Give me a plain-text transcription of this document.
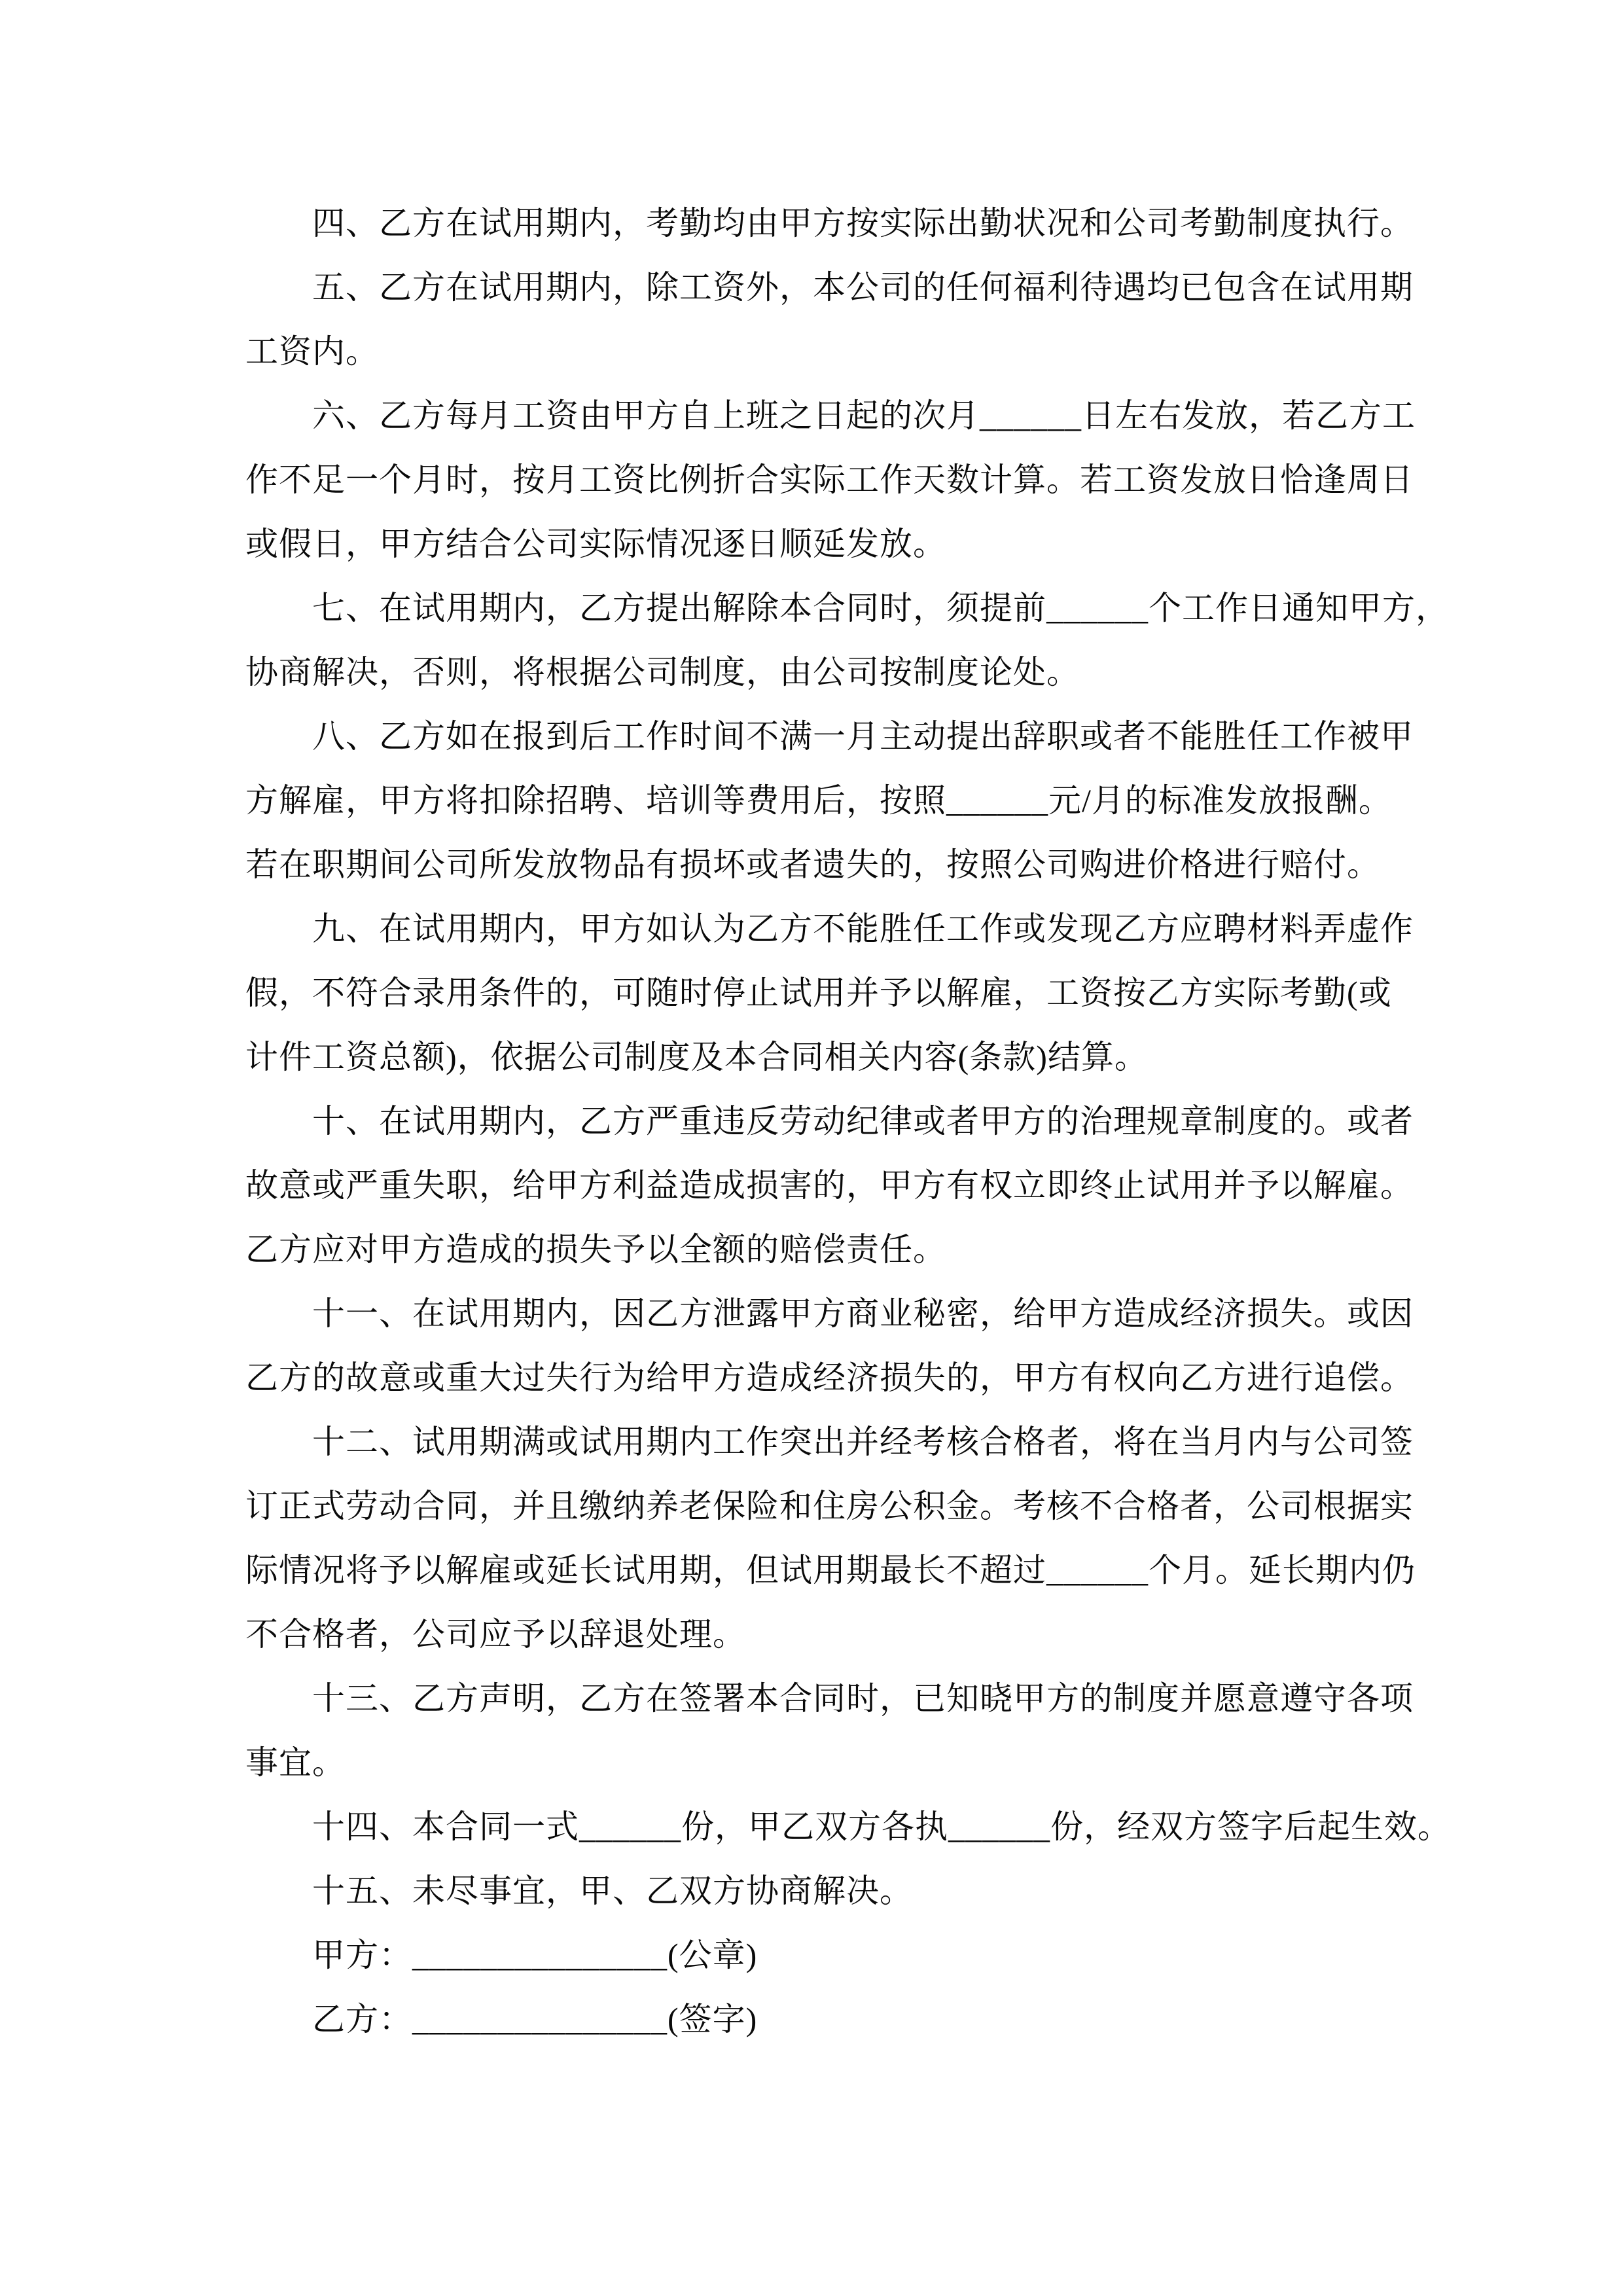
四、乙方在试用期内，考勤均由甲方按实际出勤状况和公司考勤制度执行。
五、乙方在试用期内，除工资外，本公司的任何福利待遇均已包含在试用期
工资内。
六、乙方每月工资由甲方自上班之日起的次月______日左右发放，若乙方工
作不足一个月时，按月工资比例折合实际工作天数计算。若工资发放日恰逢周日
或假日，甲方结合公司实际情况逐日顺延发放。
七、在试用期内，乙方提出解除本合同时，须提前______个工作日通知甲方，
协商解决，否则，将根据公司制度，由公司按制度论处。
八、乙方如在报到后工作时间不满一月主动提出辞职或者不能胜任工作被甲
方解雇，甲方将扣除招聘、培训等费用后，按照______元/月的标准发放报酬。
若在职期间公司所发放物品有损坏或者遗失的，按照公司购进价格进行赔付。
九、在试用期内，甲方如认为乙方不能胜任工作或发现乙方应聘材料弄虚作
假，不符合录用条件的，可随时停止试用并予以解雇，工资按乙方实际考勤(或
计件工资总额)，依据公司制度及本合同相关内容(条款)结算。
十、在试用期内，乙方严重违反劳动纪律或者甲方的治理规章制度的。或者
故意或严重失职，给甲方利益造成损害的，甲方有权立即终止试用并予以解雇。
乙方应对甲方造成的损失予以全额的赔偿责任。
十一、在试用期内，因乙方泄露甲方商业秘密，给甲方造成经济损失。或因
乙方的故意或重大过失行为给甲方造成经济损失的，甲方有权向乙方进行追偿。
十二、试用期满或试用期内工作突出并经考核合格者，将在当月内与公司签
订正式劳动合同，并且缴纳养老保险和住房公积金。考核不合格者，公司根据实
际情况将予以解雇或延长试用期，但试用期最长不超过______个月。延长期内仍
不合格者，公司应予以辞退处理。
十三、乙方声明，乙方在签署本合同时，已知晓甲方的制度并愿意遵守各项
事宜。
十四、本合同一式______份，甲乙双方各执______份，经双方签字后起生效。
十五、未尽事宜，甲、乙双方协商解决。
甲方：_______________(公章)
乙方：_______________(签字)
